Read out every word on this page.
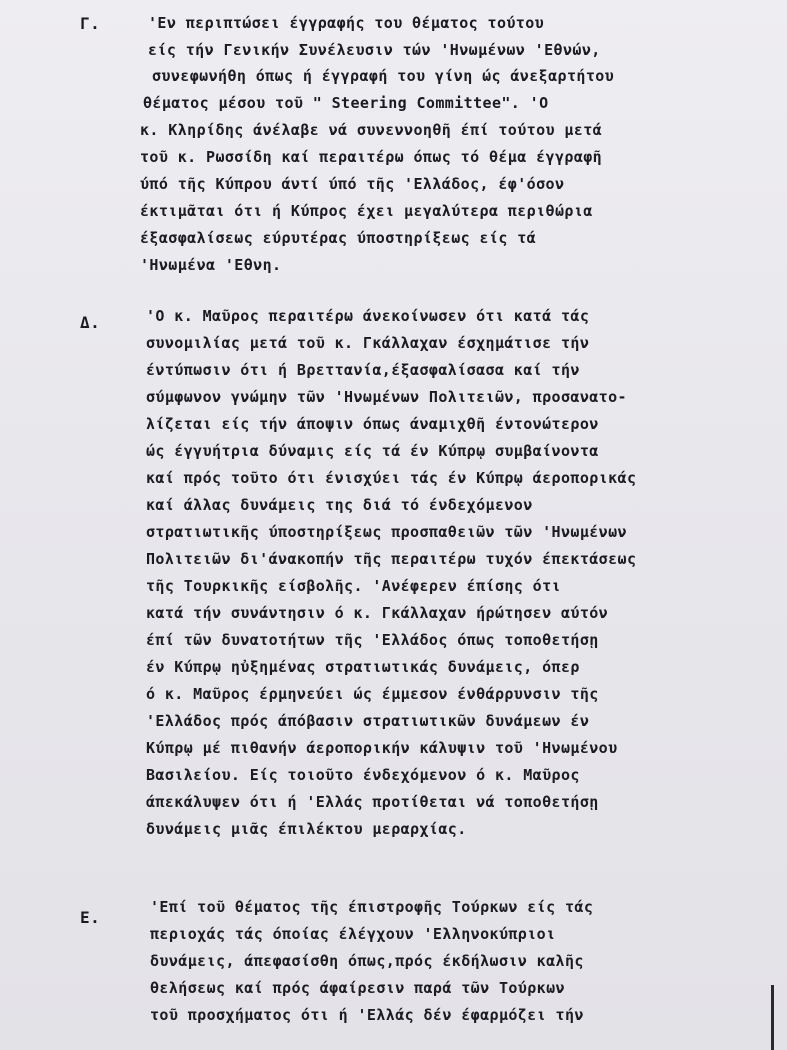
Γ.	'Εν περιπτώσει έγγραφής του θέματος τούτου
είς τήν Γενικήν Συνέλευσιν τών 'Ηνωμένων 'Εθνών,
συνεφωνήθη όπως ή έγγραφή του γίνη ώς άνεξαρτήτου
θέματος μέσου τοῦ " Steering Committee". 'Ο
κ. Κληρίδης άνέλαβε νά συνεννοηθῆ έπί τούτου μετά
τοῦ κ. Ρωσσίδη καί περαιτέρω όπως τό θέμα έγγραφῆ
ύπό τῆς Κύπρου άντί ύπό τῆς 'Ελλάδος, έφ'όσον
έκτιμᾶται ότι ή Κύπρος έχει μεγαλύτερα περιθώρια
έξασφαλίσεως εύρυτέρας ύποστηρίξεως είς τά
'Ηνωμένα 'Εθνη.
Δ.	'Ο κ. Μαῦρος περαιτέρω άνεκοίνωσεν ότι κατά τάς
συνομιλίας μετά τοῦ κ. Γκάλλαχαν έσχημάτισε τήν
έντύπωσιν ότι ή Βρεττανία,έξασφαλίσασα καί τήν
σύμφωνον γνώμην τῶν 'Ηνωμένων Πολιτειῶν, προσανατο-
λίζεται είς τήν άποψιν όπως άναμιχθῆ έντονώτερον
ώς έγγυήτρια δύναμις είς τά έν Κύπρῳ συμβαίνοντα
καί πρός τοῦτο ότι ένισχύει τάς έν Κύπρῳ άεροπορικάς
καί άλλας δυνάμεις της διά τό ένδεχόμενον
στρατιωτικῆς ύποστηρίξεως προσπαθειῶν τῶν 'Ηνωμένων
Πολιτειῶν δι'άνακοπήν τῆς περαιτέρω τυχόν έπεκτάσεως
τῆς Τουρκικῆς είσβολῆς. 'Ανέφερεν έπίσης ότι
κατά τήν συνάντησιν ό κ. Γκάλλαχαν ήρώτησεν αύτόν
έπί τῶν δυνατοτήτων τῆς 'Ελλάδος όπως τοποθετήσῃ
έν Κύπρῳ ηὐξημένας στρατιωτικάς δυνάμεις, όπερ
ό κ. Μαῦρος έρμηνεύει ώς έμμεσον ένθάρρυνσιν τῆς
'Ελλάδος πρός άπόβασιν στρατιωτικῶν δυνάμεων έν
Κύπρῳ μέ πιθανήν άεροπορικήν κάλυψιν τοῦ 'Ηνωμένου
Βασιλείου. Είς τοιοῦτο ένδεχόμενον ό κ. Μαῦρος
άπεκάλυψεν ότι ή 'Ελλάς προτίθεται νά τοποθετήσῃ
δυνάμεις μιᾶς έπιλέκτου μεραρχίας.
Ε.
'Επί τοῦ θέματος τῆς έπιστροφῆς Τούρκων είς τάς
περιοχάς τάς όποίας έλέγχουν 'Ελληνοκύπριοι
δυνάμεις, άπεφασίσθη όπως,πρός έκδήλωσιν καλῆς
θελήσεως καί πρός άφαίρεσιν παρά τῶν Τούρκων
τοῦ προσχήματος ότι ή 'Ελλάς δέν έφαρμόζει τήν
